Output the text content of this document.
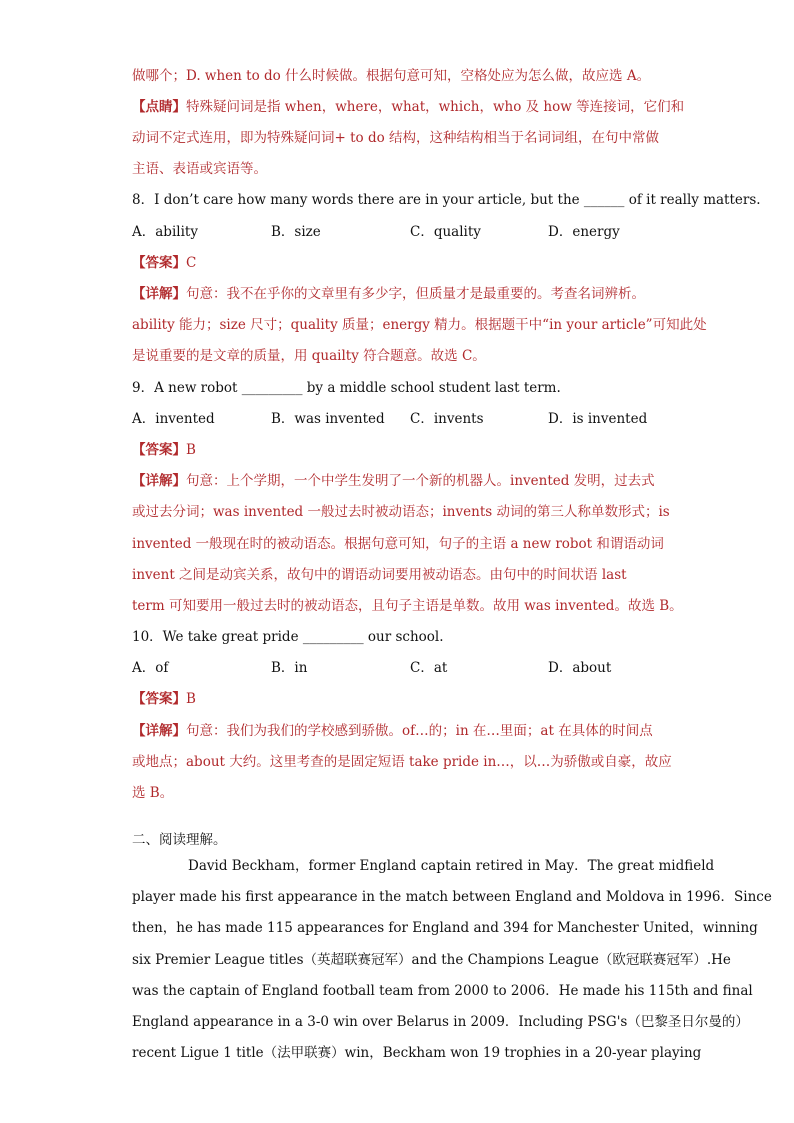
做哪个；D. when to do 什么时候做。根据句意可知，空格处应为怎么做，故应选 A。
【点睛】特殊疑问词是指 when，where，what，which，who 及 how 等连接词，它们和
动词不定式连用，即为特殊疑问词+ to do 结构，这种结构相当于名词词组，在句中常做
主语、表语或宾语等。
8．I don’t care how many words there are in your article, but the ______ of it really matters.
A．ability	B．size	C．quality	D．energy
【答案】C
【详解】句意：我不在乎你的文章里有多少字，但质量才是最重要的。考查名词辨析。
ability 能力；size 尺寸；quality 质量；energy 精力。根据题干中“in your article”可知此处
是说重要的是文章的质量，用 quailty 符合题意。故选 C。
9．A new robot _________ by a middle school student last term.
A．invented	B．was invented C．invents	D．is invented
【答案】B
【详解】句意：上个学期，一个中学生发明了一个新的机器人。invented 发明，过去式
或过去分词；was invented 一般过去时被动语态；invents 动词的第三人称单数形式；is
invented 一般现在时的被动语态。根据句意可知，句子的主语 a new robot 和谓语动词
invent 之间是动宾关系，故句中的谓语动词要用被动语态。由句中的时间状语 last
term 可知要用一般过去时的被动语态，且句子主语是单数。故用 was invented。故选 B。
10．We take great pride _________ our school.
A．of	B．in	C．at	D．about
【答案】B
【详解】句意：我们为我们的学校感到骄傲。of…的；in 在…里面；at 在具体的时间点
或地点；about 大约。这里考查的是固定短语 take pride in…，以…为骄傲或自豪，故应
选 B。
二、阅读理解。
David Beckham，former England captain retired in May．The great midfield
player made his first appearance in the match between England and Moldova in 1996．Since
then，he has made 115 appearances for England and 394 for Manchester United，winning
six Premier League titles（英超联赛冠军）and the Champions League（欧冠联赛冠军）.He
was the captain of England football team from 2000 to 2006．He made his 115th and final
England appearance in a 3-0 win over Belarus in 2009．Including PSG's（巴黎圣日尔曼的）
recent Ligue 1 title（法甲联赛）win，Beckham won 19 trophies in a 20-year playing
